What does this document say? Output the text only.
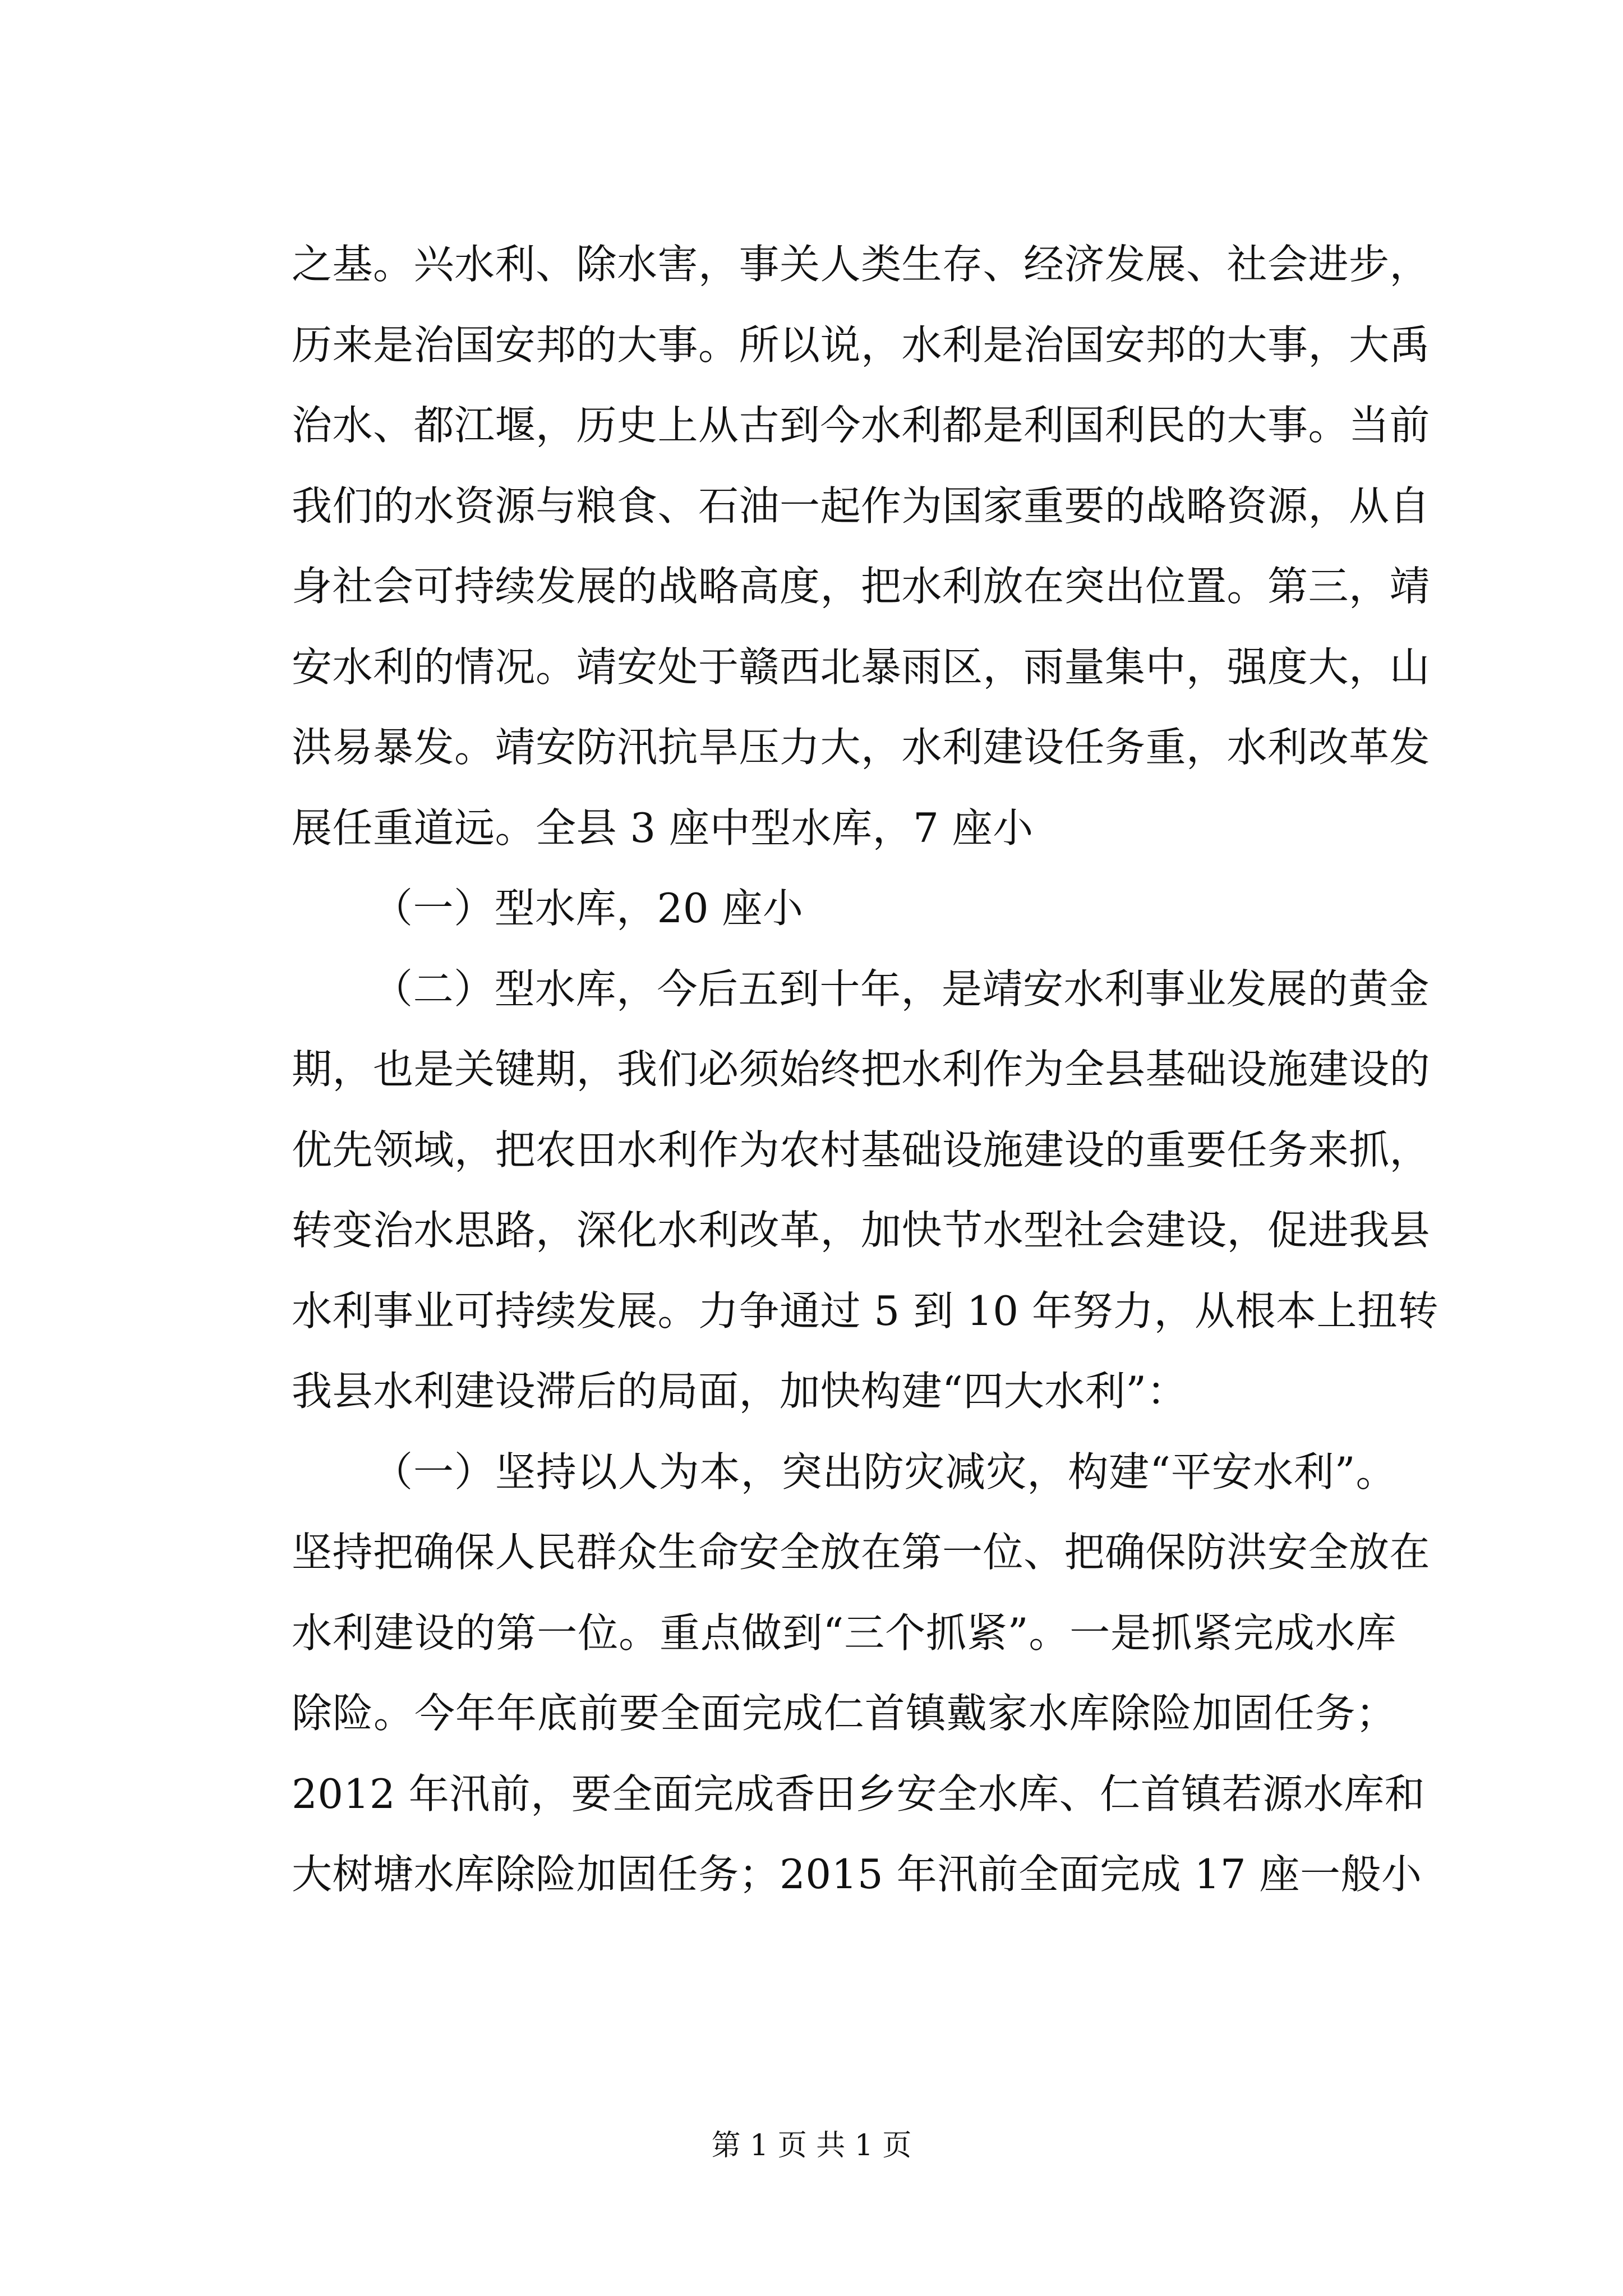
之基。兴水利、除水害，事关人类生存、经济发展、社会进步，
历来是治国安邦的大事。所以说，水利是治国安邦的大事，大禹
治水、都江堰，历史上从古到今水利都是利国利民的大事。当前
我们的水资源与粮食、石油一起作为国家重要的战略资源，从自
身社会可持续发展的战略高度，把水利放在突出位置。第三，靖
安水利的情况。靖安处于赣西北暴雨区，雨量集中，强度大，山
洪易暴发。靖安防汛抗旱压力大，水利建设任务重，水利改革发
展任重道远。全县 3 座中型水库，7 座小
（一）型水库，20 座小
（二）型水库，今后五到十年，是靖安水利事业发展的黄金
期，也是关键期，我们必须始终把水利作为全县基础设施建设的
优先领域，把农田水利作为农村基础设施建设的重要任务来抓，
转变治水思路，深化水利改革，加快节水型社会建设，促进我县
水利事业可持续发展。力争通过 5 到 10 年努力，从根本上扭转
我县水利建设滞后的局面，加快构建“四大水利”：
（一）坚持以人为本，突出防灾减灾，构建“平安水利”。
坚持把确保人民群众生命安全放在第一位、把确保防洪安全放在
水利建设的第一位。重点做到“三个抓紧”。一是抓紧完成水库
除险。今年年底前要全面完成仁首镇戴家水库除险加固任务；
2012 年汛前，要全面完成香田乡安全水库、仁首镇若源水库和
大树塘水库除险加固任务；2015 年汛前全面完成 17 座一般小
第 1 页 共 1 页
